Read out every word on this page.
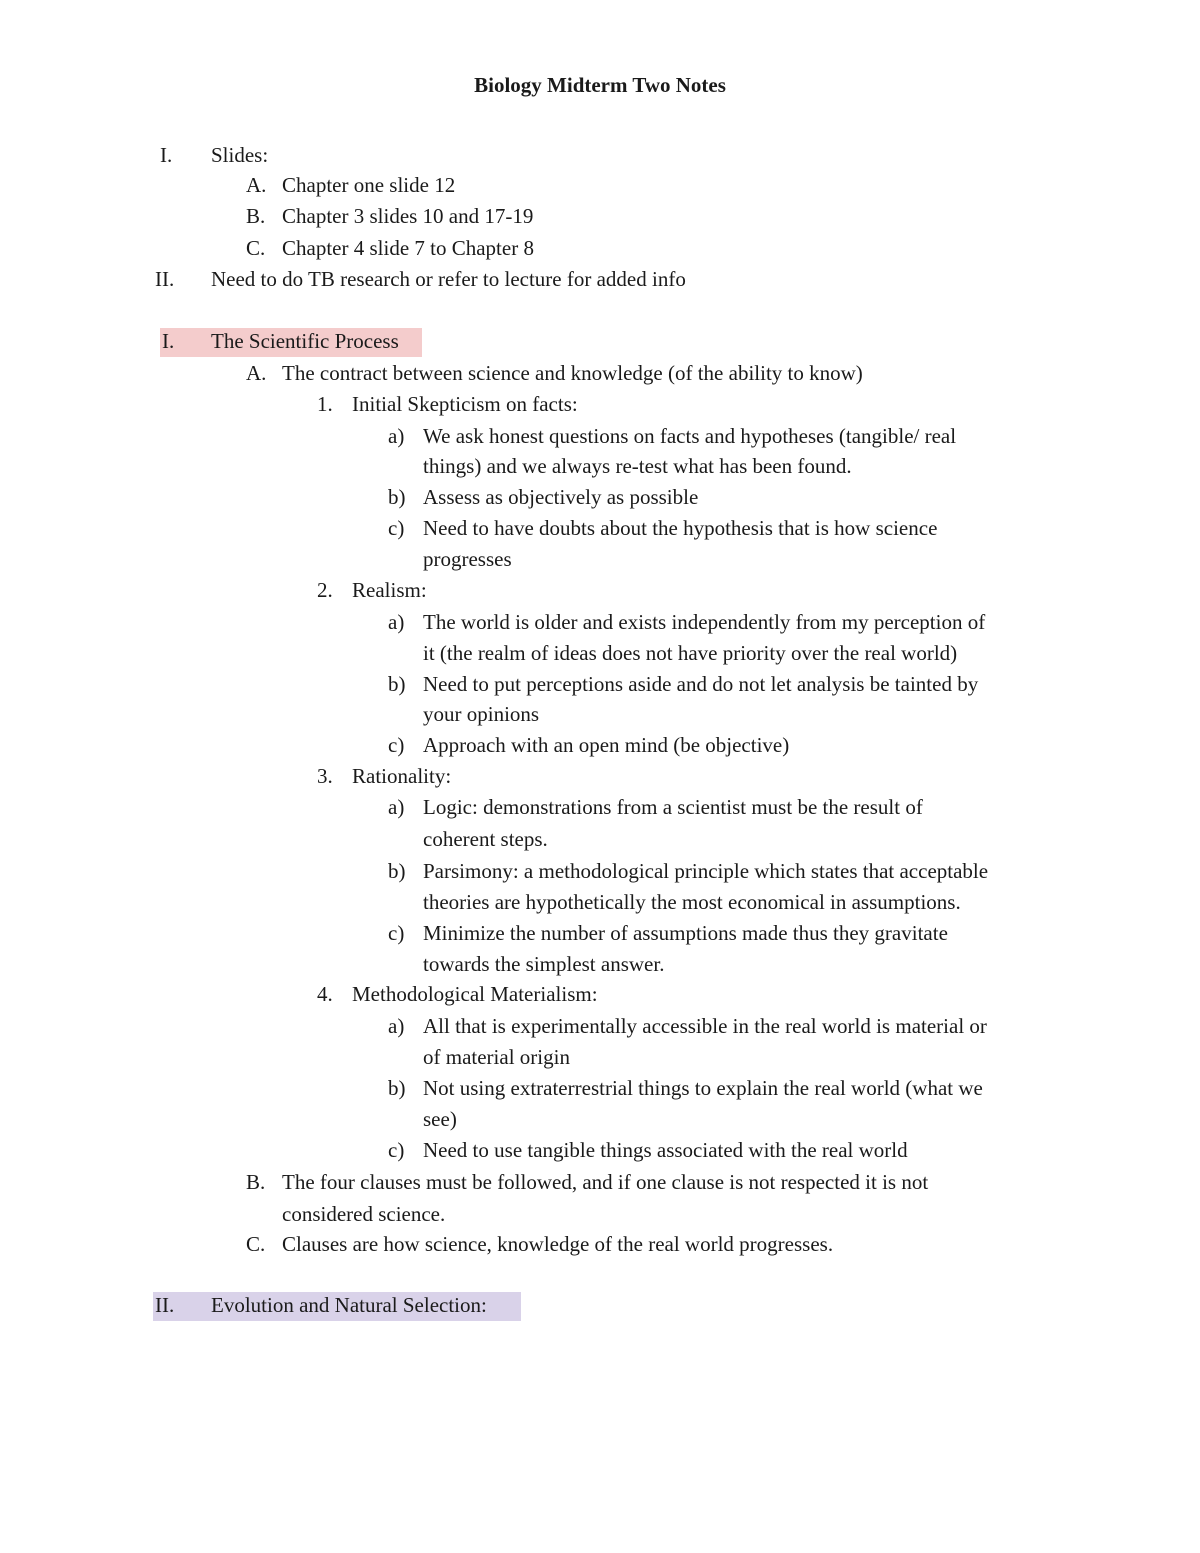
Biology Midterm Two Notes
I. Slides:
A. Chapter one slide 12
B. Chapter 3 slides 10 and 17-19
C. Chapter 4 slide 7 to Chapter 8
II. Need to do TB research or refer to lecture for added info
I. The Scientific Process
A. The contract between science and knowledge (of the ability to know)
1. Initial Skepticism on facts:
a) We ask honest questions on facts and hypotheses (tangible/ real
things) and we always re-test what has been found.
b) Assess as objectively as possible
c) Need to have doubts about the hypothesis that is how science
progresses
2. Realism:
a) The world is older and exists independently from my perception of
it (the realm of ideas does not have priority over the real world)
b) Need to put perceptions aside and do not let analysis be tainted by
your opinions
c) Approach with an open mind (be objective)
3. Rationality:
a) Logic: demonstrations from a scientist must be the result of
coherent steps.
b) Parsimony: a methodological principle which states that acceptable
theories are hypothetically the most economical in assumptions.
c) Minimize the number of assumptions made thus they gravitate
towards the simplest answer.
4. Methodological Materialism:
a) All that is experimentally accessible in the real world is material or
of material origin
b) Not using extraterrestrial things to explain the real world (what we
see)
c) Need to use tangible things associated with the real world
B. The four clauses must be followed, and if one clause is not respected it is not
considered science.
C. Clauses are how science, knowledge of the real world progresses.
II. Evolution and Natural Selection:
